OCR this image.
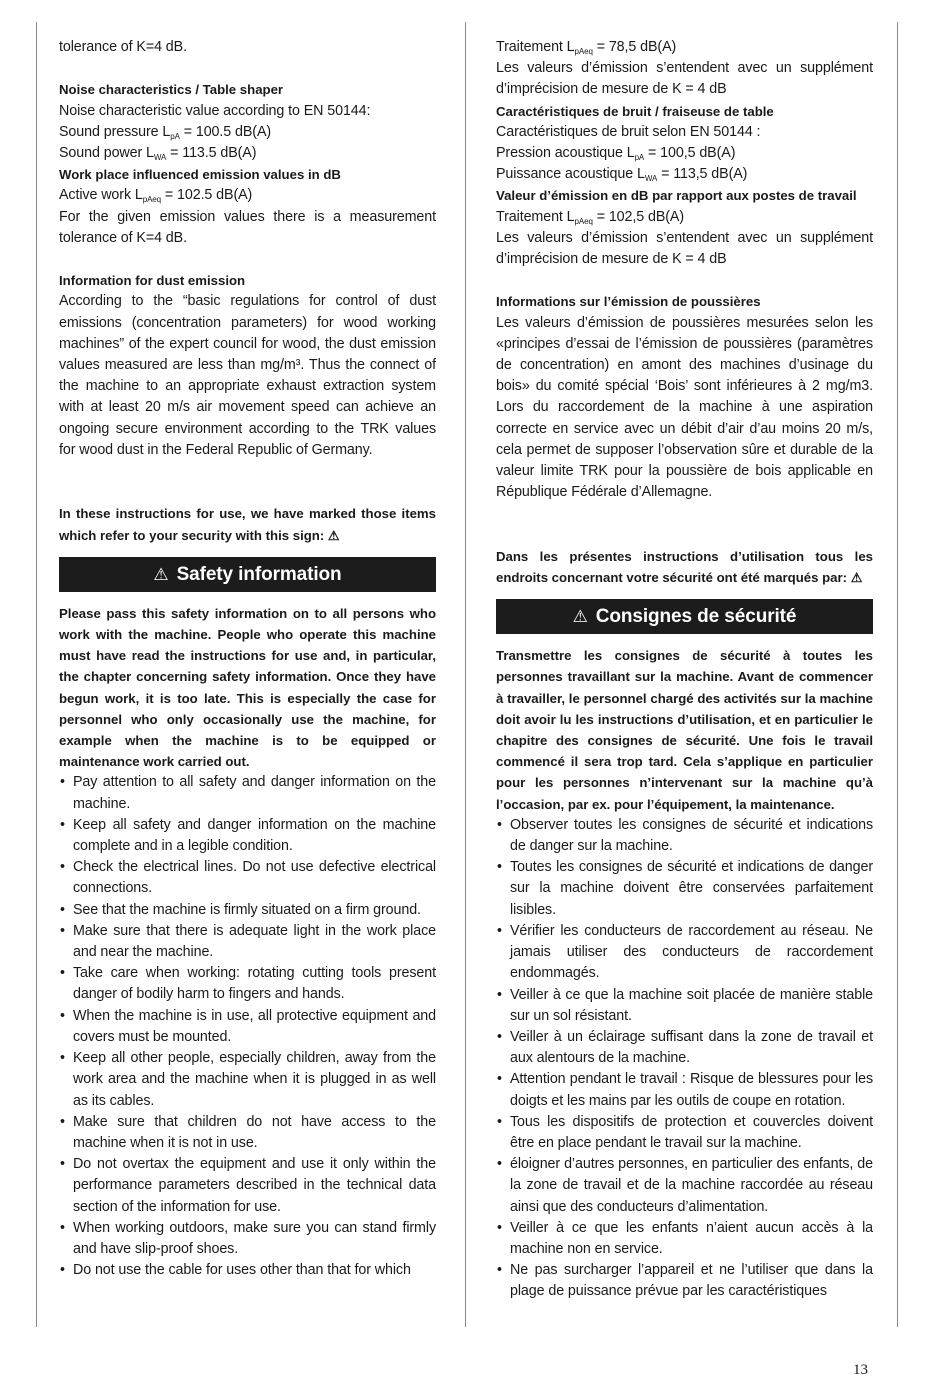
tolerance of K=4 dB.

Noise characteristics / Table shaper

Noise characteristic value according to EN 50144:

Sound pressure $L_{pA} = 100.5$ dB(A)

Sound power $L_{WA} = 113.5$ dB(A)

Work place influenced emission values in dB

Active work $L_{pAeq} = 102.5$ dB(A)

For the given emission values there is a measurement tolerance of K=4 dB.

Information for dust emission

According to the “basic regulations for control of dust emissions (concentration parameters) for wood working machines” of the expert council for wood, the dust emission values measured are less than mg/m³. Thus the connect of the machine to an appropriate exhaust extraction system with at least 20 m/s air movement speed can achieve an ongoing secure environment according to the TRK values for wood dust in the Federal Republic of Germany.

In these instructions for use, we have marked those items which refer to your security with this sign: ⚠

⚠ Safety information

Please pass this safety information on to all persons who work with the machine. People who operate this machine must have read the instructions for use and, in particular, the chapter concerning safety information. Once they have begun work, it is too late. This is especially the case for personnel who only occasionally use the machine, for example when the machine is to be equipped or maintenance work carried out.

• Pay attention to all safety and danger information on the machine.
• Keep all safety and danger information on the machine complete and in a legible condition.
• Check the electrical lines. Do not use defective electrical connections.
• See that the machine is firmly situated on a firm ground.
• Make sure that there is adequate light in the work place and near the machine.
• Take care when working: rotating cutting tools present danger of bodily harm to fingers and hands.
• When the machine is in use, all protective equipment and covers must be mounted.
• Keep all other people, especially children, away from the work area and the machine when it is plugged in as well as its cables.
• Make sure that children do not have access to the machine when it is not in use.
• Do not overtax the equipment and use it only within the performance parameters described in the technical data section of the information for use.
• When working outdoors, make sure you can stand firmly and have slip-proof shoes.
• Do not use the cable for uses other than that for which

Traitement $L_{pAeq} = 78,5$ dB(A)

Les valeurs d’émission s’entendent avec un supplément d’imprécision de mesure de K = 4 dB

Caractéristiques de bruit / fraiseuse de table

Caractéristiques de bruit selon EN 50144 :

Pression acoustique $L_{pA} = 100,5$ dB(A)

Puissance acoustique $L_{WA} = 113,5$ dB(A)

Valeur d’émission en dB par rapport aux postes de travail

Traitement $L_{pAeq} = 102,5$ dB(A)

Les valeurs d’émission s’entendent avec un supplément d’imprécision de mesure de K = 4 dB

Informations sur l’émission de poussières

Les valeurs d’émission de poussières mesurées selon les «principes d’essai de l’émission de poussières (paramètres de concentration) en amont des machines d’usinage du bois» du comité spécial ‘Bois’ sont inférieures à 2 mg/m3. Lors du raccordement de la machine à une aspiration correcte en service avec un débit d’air d’au moins 20 m/s, cela permet de supposer l’observation sûre et durable de la valeur limite TRK pour la poussière de bois applicable en République Fédérale d’Allemagne.

Dans les présentes instructions d’utilisation tous les endroits concernant votre sécurité ont été marqués par: ⚠

⚠ Consignes de sécurité

Transmettre les consignes de sécurité à toutes les personnes travaillant sur la machine. Avant de commencer à travailler, le personnel chargé des activités sur la machine doit avoir lu les instructions d’utilisation, et en particulier le chapitre des consignes de sécurité. Une fois le travail commencé il sera trop tard. Cela s’applique en particulier pour les personnes n’intervenant sur la machine qu’à l’occasion, par ex. pour l’équipement, la maintenance.

• Observer toutes les consignes de sécurité et indications de danger sur la machine.
• Toutes les consignes de sécurité et indications de danger sur la machine doivent être conservées parfaitement lisibles.
• Vérifier les conducteurs de raccordement au réseau. Ne jamais utiliser des conducteurs de raccordement endommagés.
• Veiller à ce que la machine soit placée de manière stable sur un sol résistant.
• Veiller à un éclairage suffisant dans la zone de travail et aux alentours de la machine.
• Attention pendant le travail : Risque de blessures pour les doigts et les mains par les outils de coupe en rotation.
• Tous les dispositifs de protection et couvercles doivent être en place pendant le travail sur la machine.
• éloigner d’autres personnes, en particulier des enfants, de la zone de travail et de la machine raccordée au réseau ainsi que des conducteurs d’alimentation.
• Veiller à ce que les enfants n’aient aucun accès à la machine non en service.
• Ne pas surcharger l’appareil et ne l’utiliser que dans la plage de puissance prévue par les caractéristiques
13
